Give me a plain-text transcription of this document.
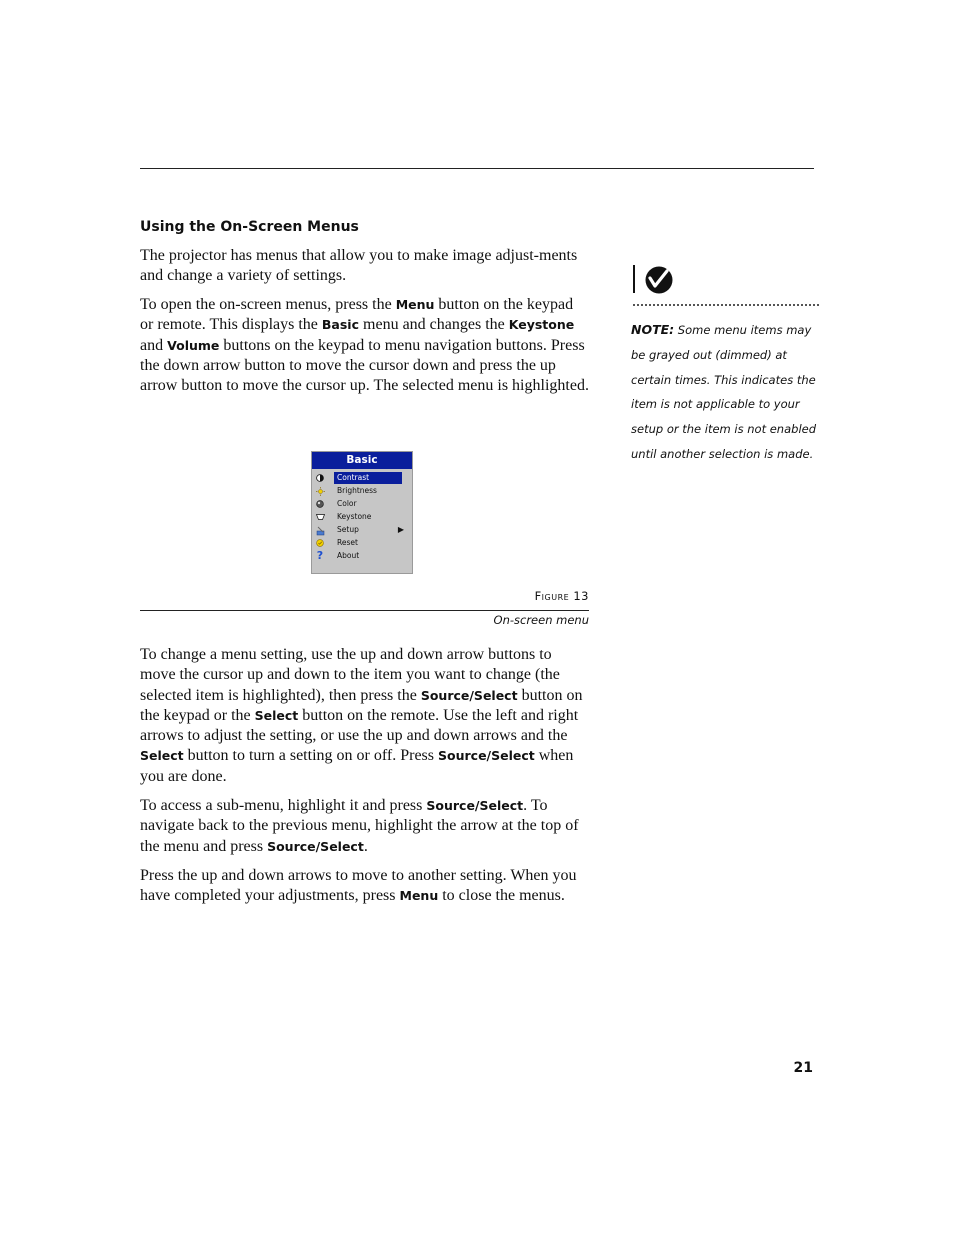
Using the On-Screen Menus

The projector has menus that allow you to make image adjust-ments and change a variety of settings.

To open the on-screen menus, press the Menu button on the keypad or remote. This displays the Basic menu and changes the Keystone and Volume buttons on the keypad to menu navigation buttons. Press the down arrow button to move the cursor down and press the up arrow button to move the cursor up. The selected menu is highlighted.

Basic
Contrast
Brightness
Color
Keystone
Setup	▶
Reset
?	About
Figure 13
On-screen menu

To change a menu setting, use the up and down arrow buttons to move the cursor up and down to the item you want to change (the selected item is highlighted), then press the Source/Select button on the keypad or the Select button on the remote. Use the left and right arrows to adjust the setting, or use the up and down arrows and the Select button to turn a setting on or off. Press Source/Select when you are done.

To access a sub-menu, highlight it and press Source/Select. To navigate back to the previous menu, highlight the arrow at the top of the menu and press Source/Select.

Press the up and down arrows to move to another setting. When you have completed your adjustments, press Menu to close the menus.

NOTE: Some menu items may be grayed out (dimmed) at certain times. This indicates the item is not applicable to your setup or the item is not enabled until another selection is made.
21
